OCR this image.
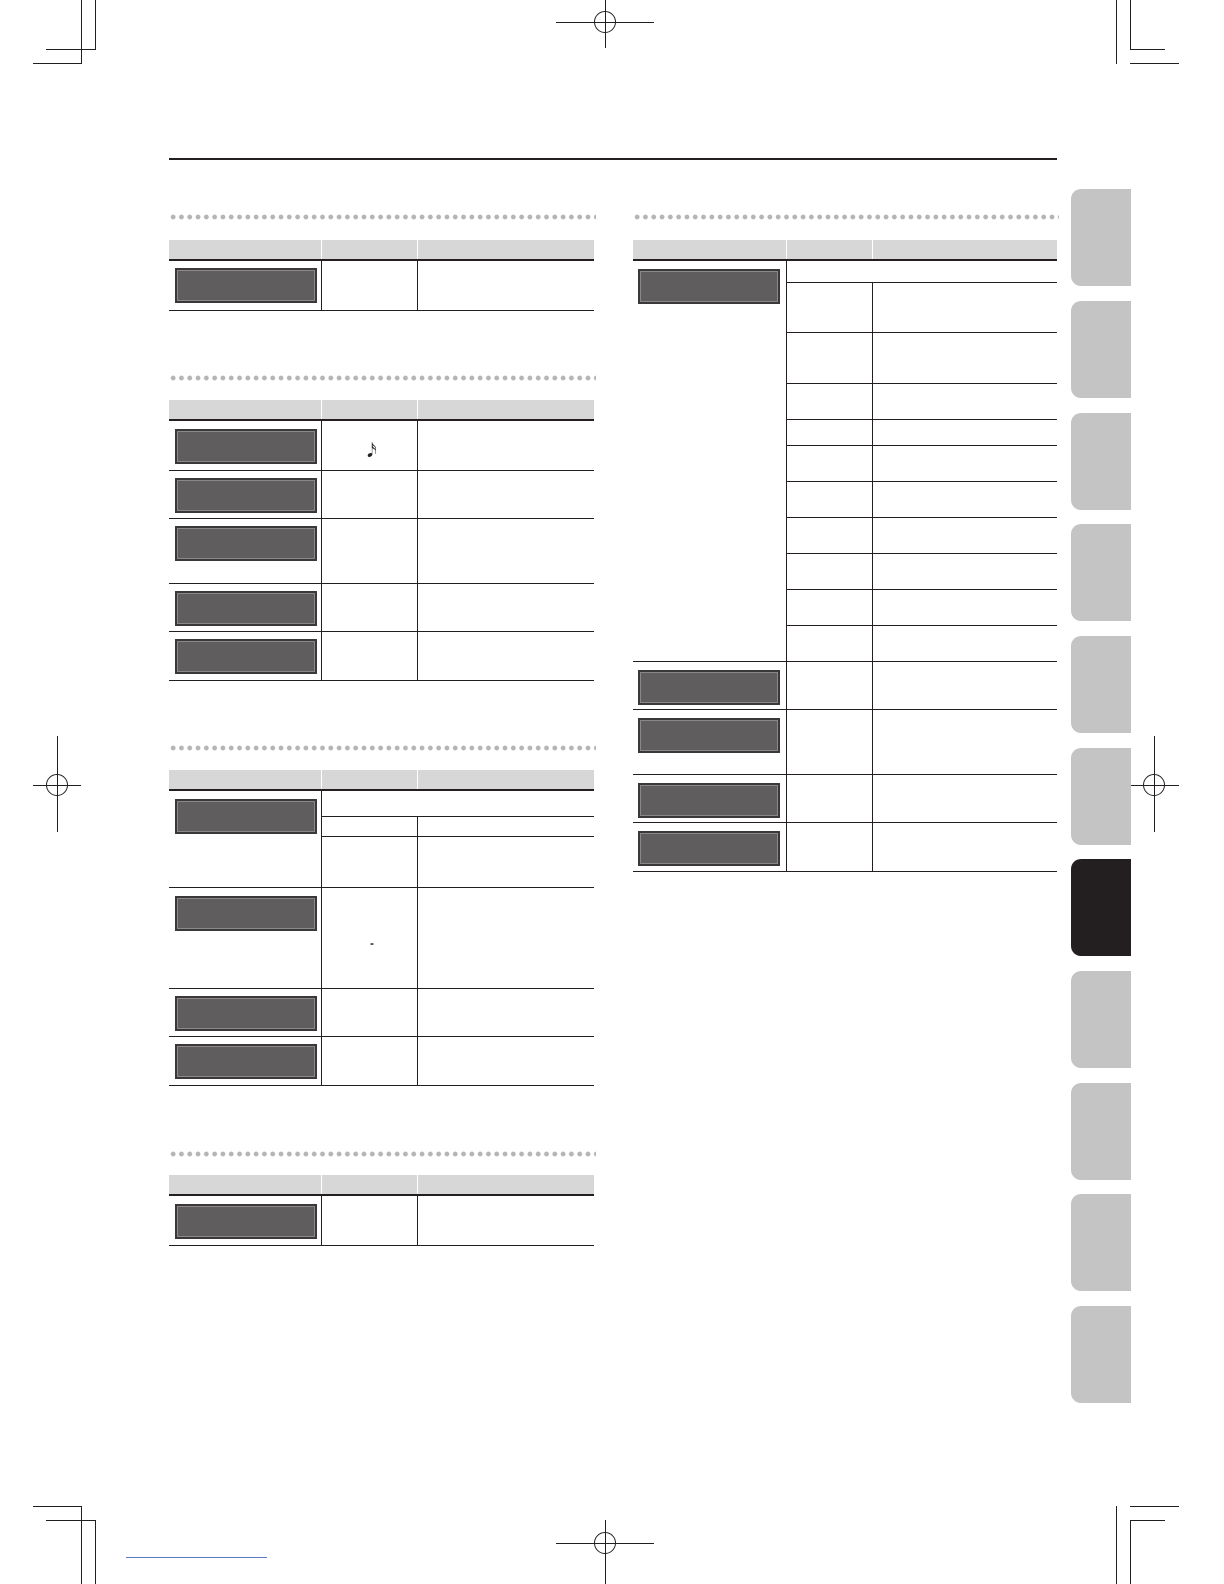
𝅘𝅥𝅯
𝅝
